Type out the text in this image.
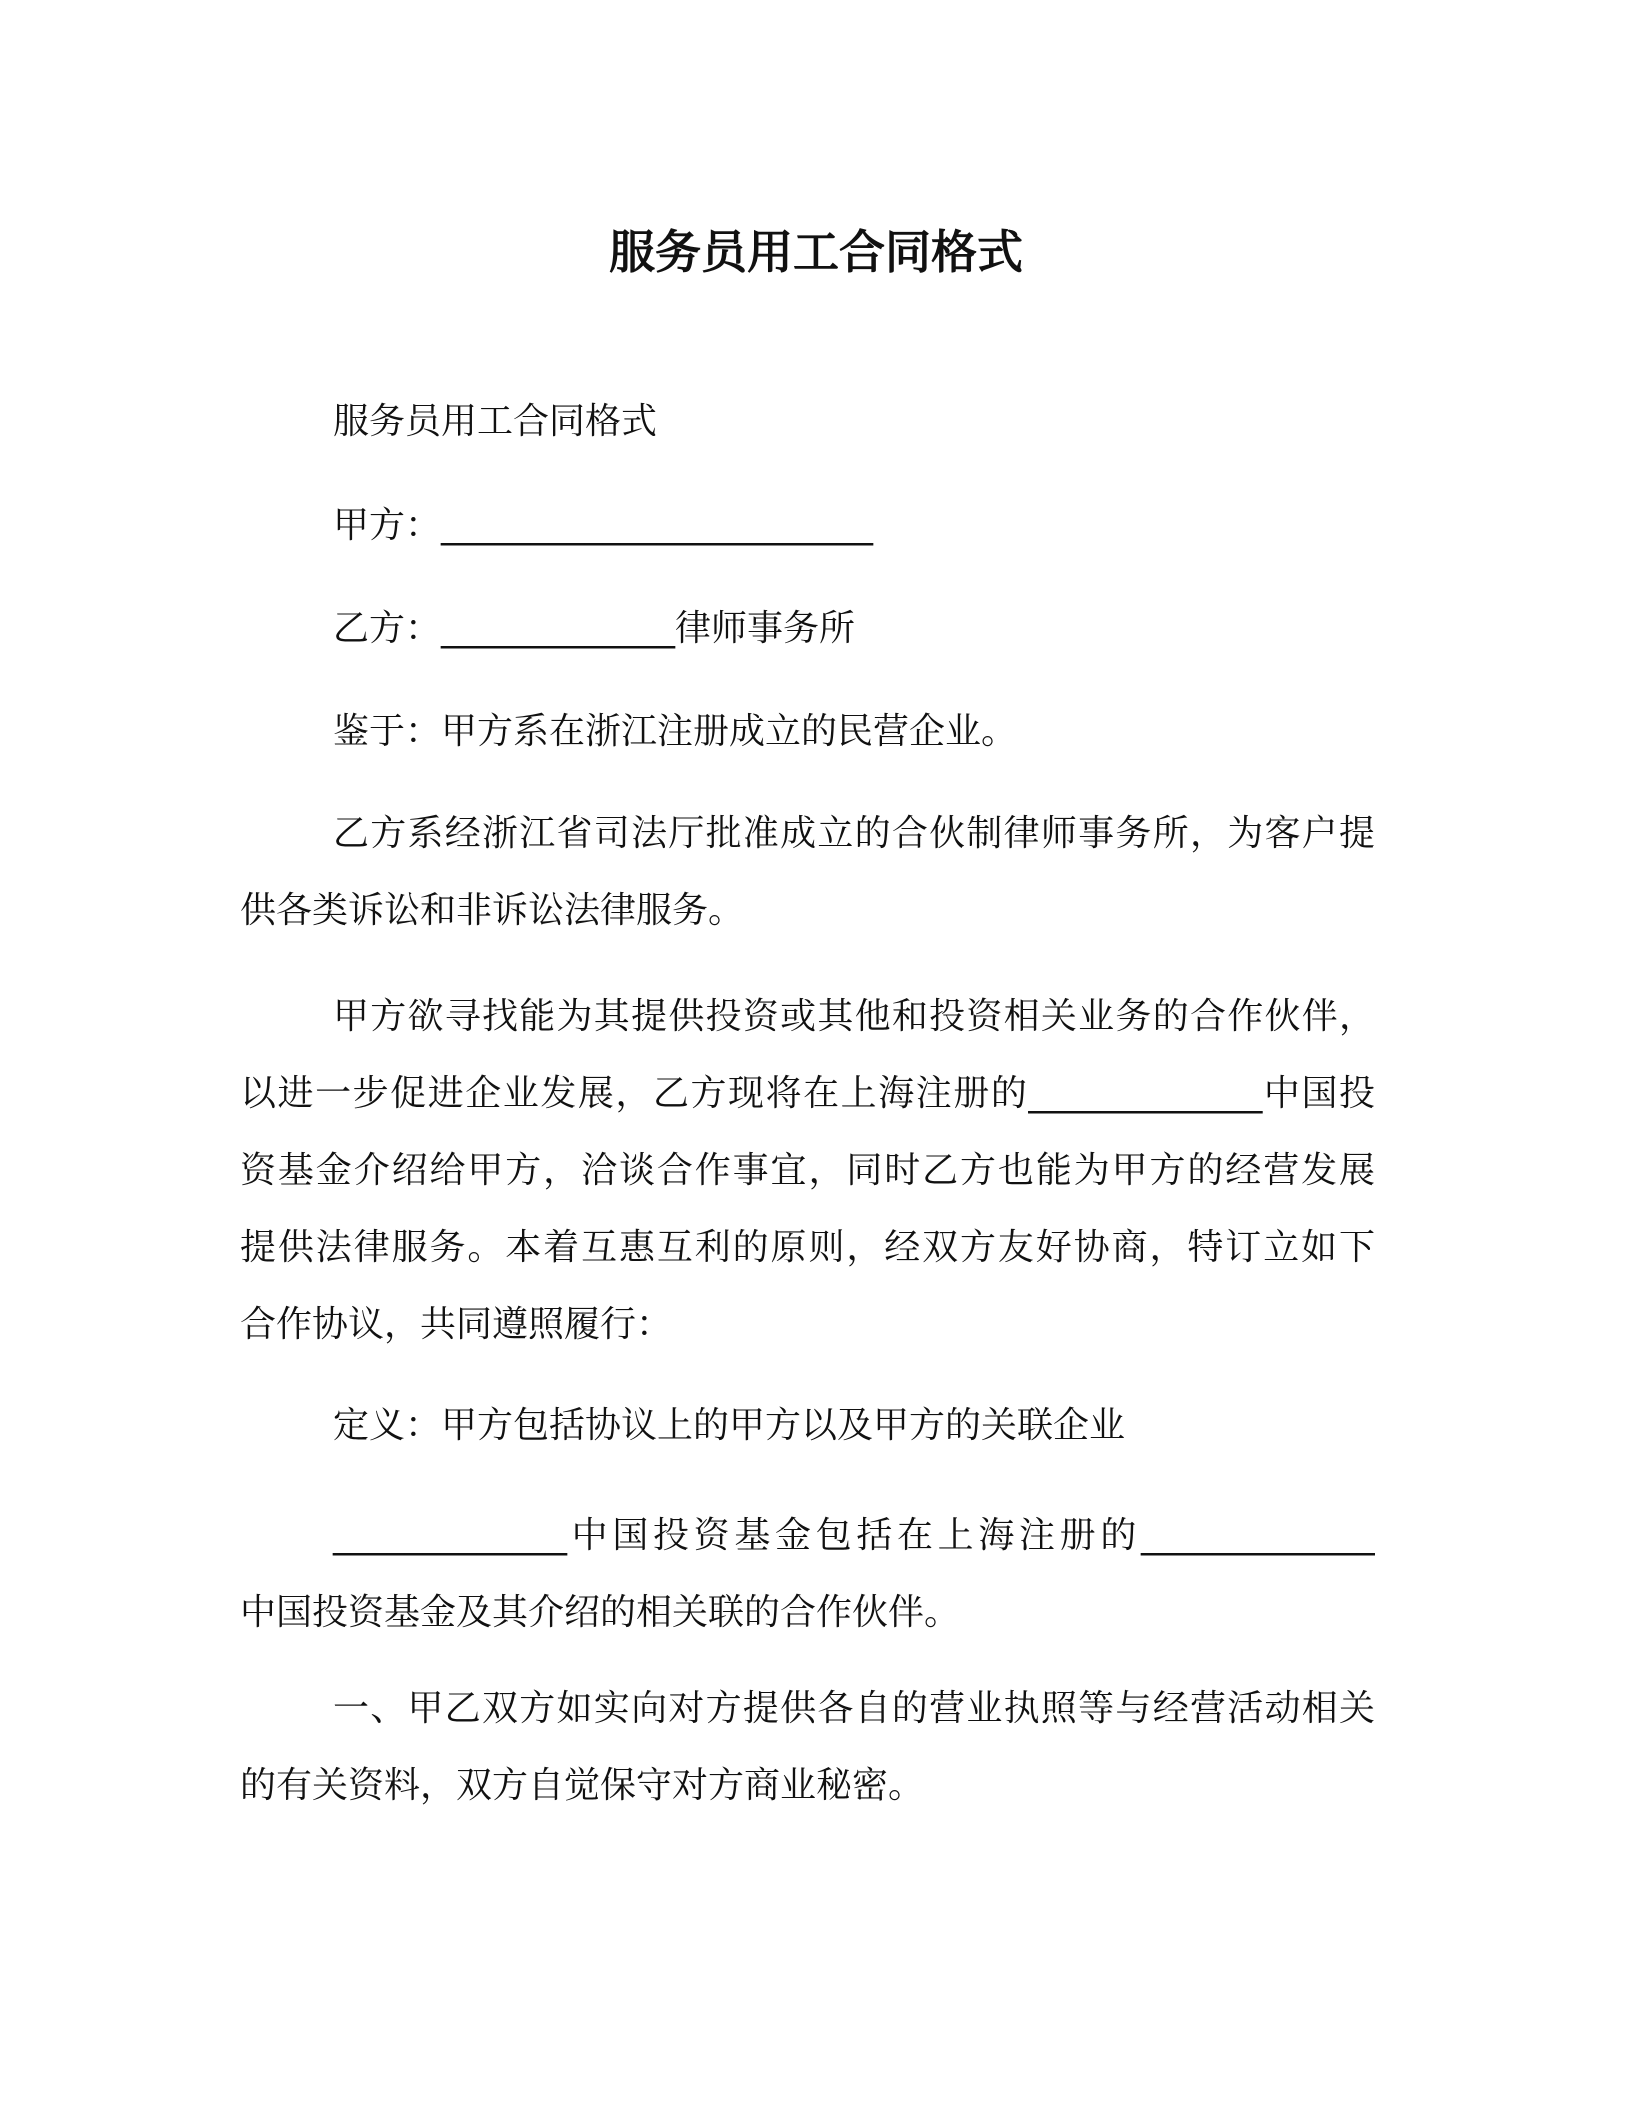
服务员用工合同格式
服务员用工合同格式
甲方：________________________
乙方：_____________律师事务所
鉴于：甲方系在浙江注册成立的民营企业。
乙方系经浙江省司法厅批准成立的合伙制律师事务所，为客户提
供各类诉讼和非诉讼法律服务。
甲方欲寻找能为其提供投资或其他和投资相关业务的合作伙伴，
以进一步促进企业发展，乙方现将在上海注册的_____________中国投
资基金介绍给甲方，洽谈合作事宜，同时乙方也能为甲方的经营发展
提供法律服务。本着互惠互利的原则，经双方友好协商，特订立如下
合作协议，共同遵照履行：
定义：甲方包括协议上的甲方以及甲方的关联企业
_____________中国投资基金包括在上海注册的_____________
中国投资基金及其介绍的相关联的合作伙伴。
一、甲乙双方如实向对方提供各自的营业执照等与经营活动相关
的有关资料，双方自觉保守对方商业秘密。
